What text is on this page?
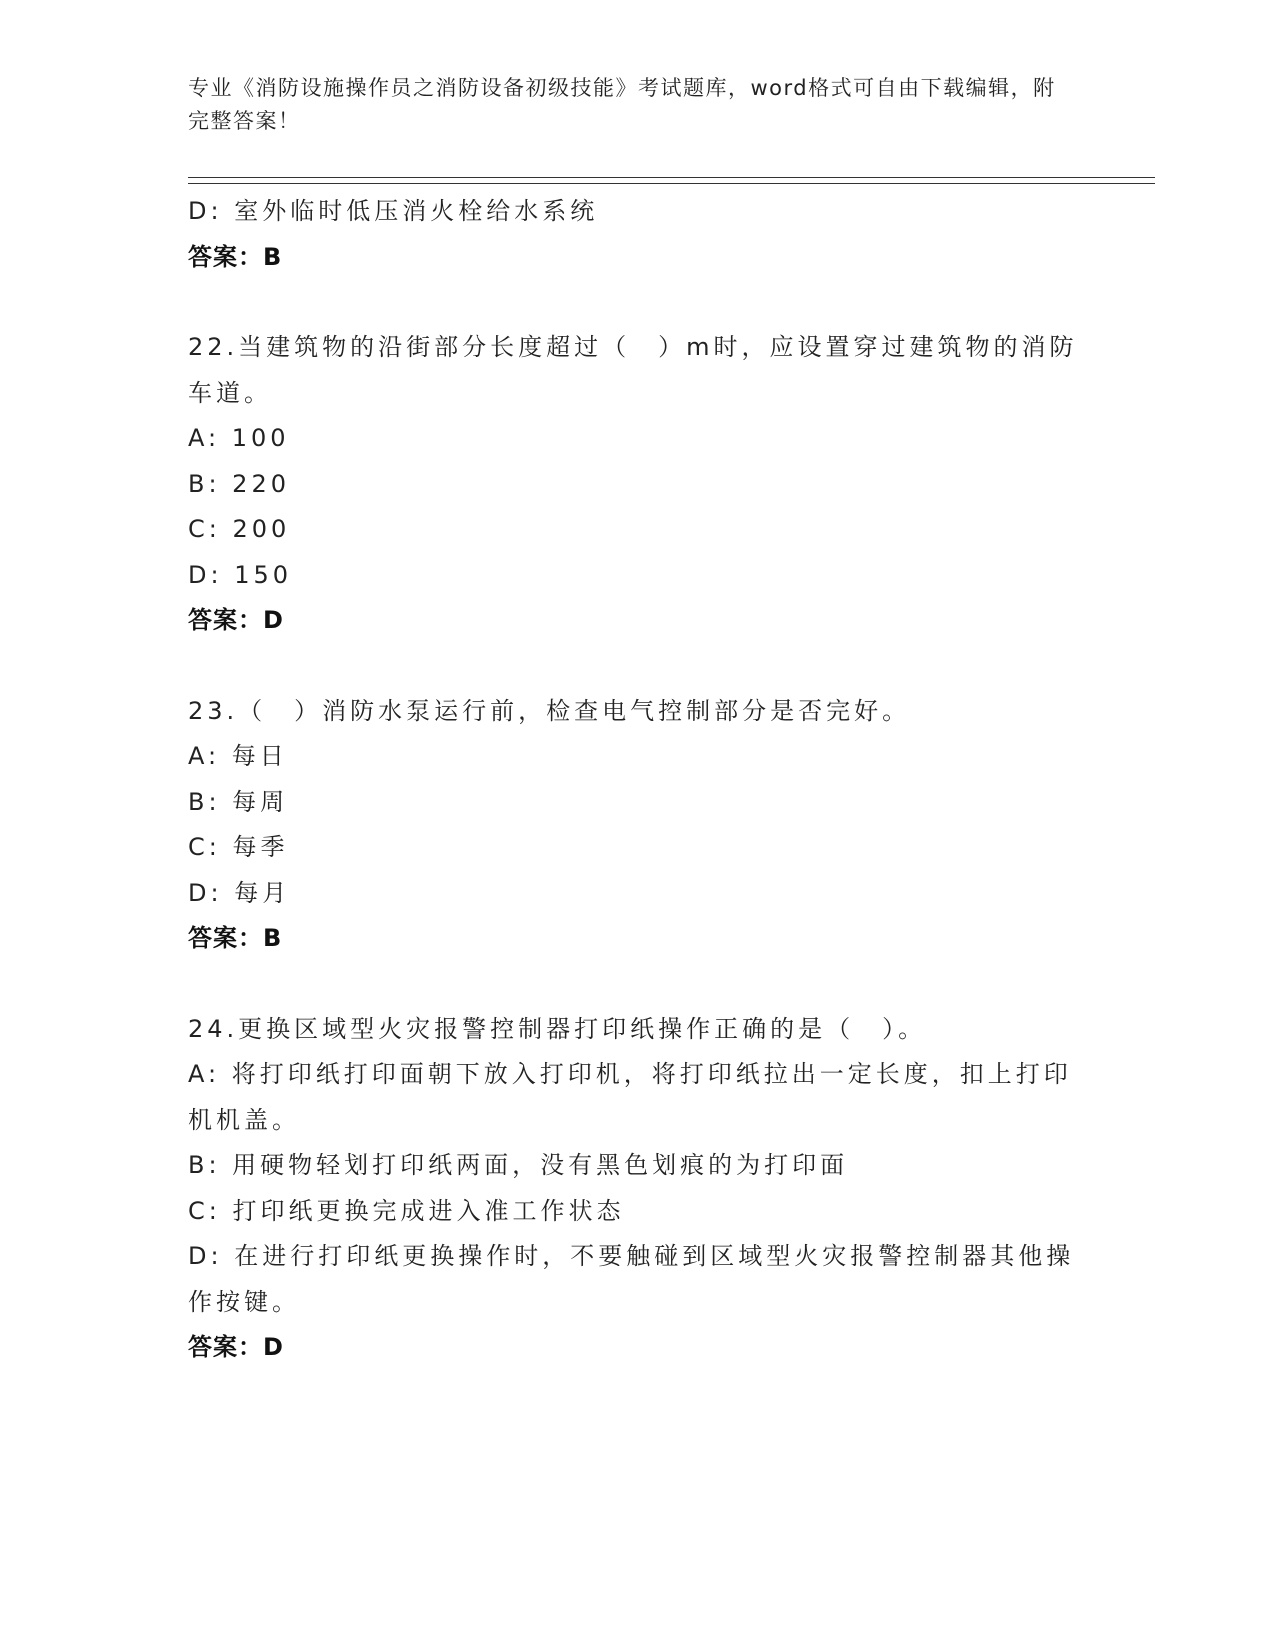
专业《消防设施操作员之消防设备初级技能》考试题库，word格式可自由下载编辑，附完整答案！
D: 室外临时低压消火栓给水系统
答案：B
22.当建筑物的沿街部分长度超过（　）m时，应设置穿过建筑物的消防车道。
A: 100
B: 220
C: 200
D: 150
答案：D
23.（　）消防水泵运行前，检查电气控制部分是否完好。
A: 每日
B: 每周
C: 每季
D: 每月
答案：B
24.更换区域型火灾报警控制器打印纸操作正确的是（　）。
A: 将打印纸打印面朝下放入打印机，将打印纸拉出一定长度，扣上打印机机盖。
B: 用硬物轻划打印纸两面，没有黑色划痕的为打印面
C: 打印纸更换完成进入准工作状态
D: 在进行打印纸更换操作时，不要触碰到区域型火灾报警控制器其他操作按键。
答案：D
